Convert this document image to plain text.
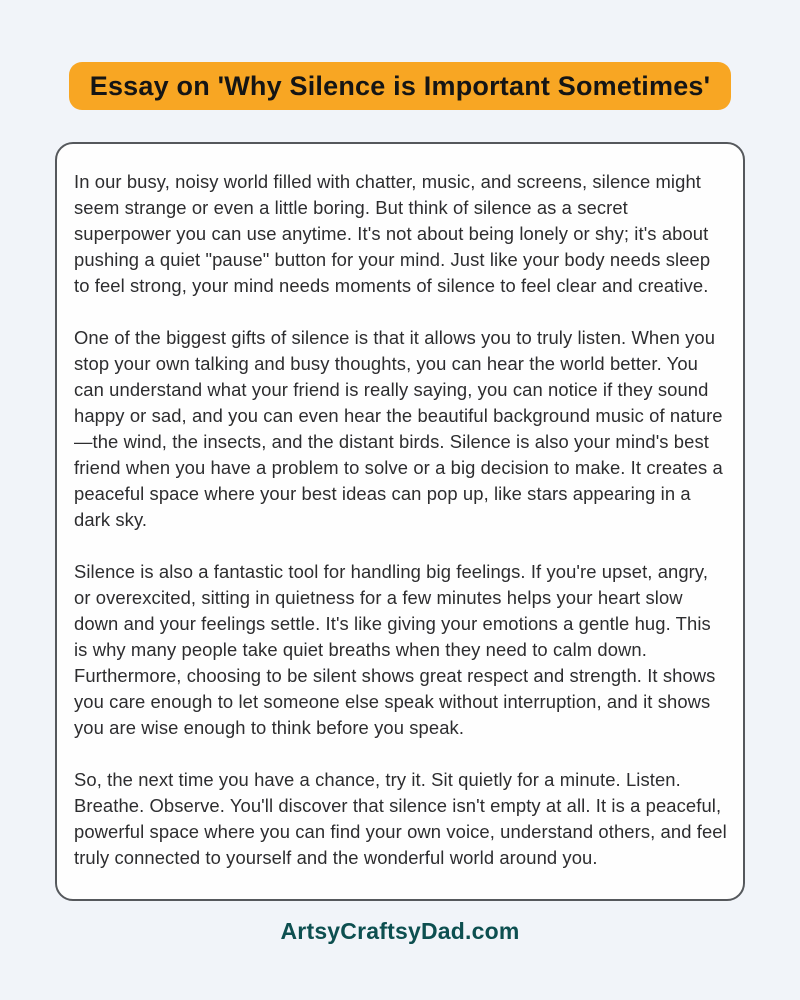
Essay on 'Why Silence is Important Sometimes'

In our busy, noisy world filled with chatter, music, and screens, silence might seem strange or even a little boring. But think of silence as a secret superpower you can use anytime. It's not about being lonely or shy; it's about pushing a quiet "pause" button for your mind. Just like your body needs sleep to feel strong, your mind needs moments of silence to feel clear and creative.

One of the biggest gifts of silence is that it allows you to truly listen. When you stop your own talking and busy thoughts, you can hear the world better. You can understand what your friend is really saying, you can notice if they sound happy or sad, and you can even hear the beautiful background music of nature—the wind, the insects, and the distant birds. Silence is also your mind's best friend when you have a problem to solve or a big decision to make. It creates a peaceful space where your best ideas can pop up, like stars appearing in a dark sky.

Silence is also a fantastic tool for handling big feelings. If you're upset, angry, or overexcited, sitting in quietness for a few minutes helps your heart slow down and your feelings settle. It's like giving your emotions a gentle hug. This is why many people take quiet breaths when they need to calm down. Furthermore, choosing to be silent shows great respect and strength. It shows you care enough to let someone else speak without interruption, and it shows you are wise enough to think before you speak.

So, the next time you have a chance, try it. Sit quietly for a minute. Listen. Breathe. Observe. You'll discover that silence isn't empty at all. It is a peaceful, powerful space where you can find your own voice, understand others, and feel truly connected to yourself and the wonderful world around you.

ArtsyCraftsyDad.com
